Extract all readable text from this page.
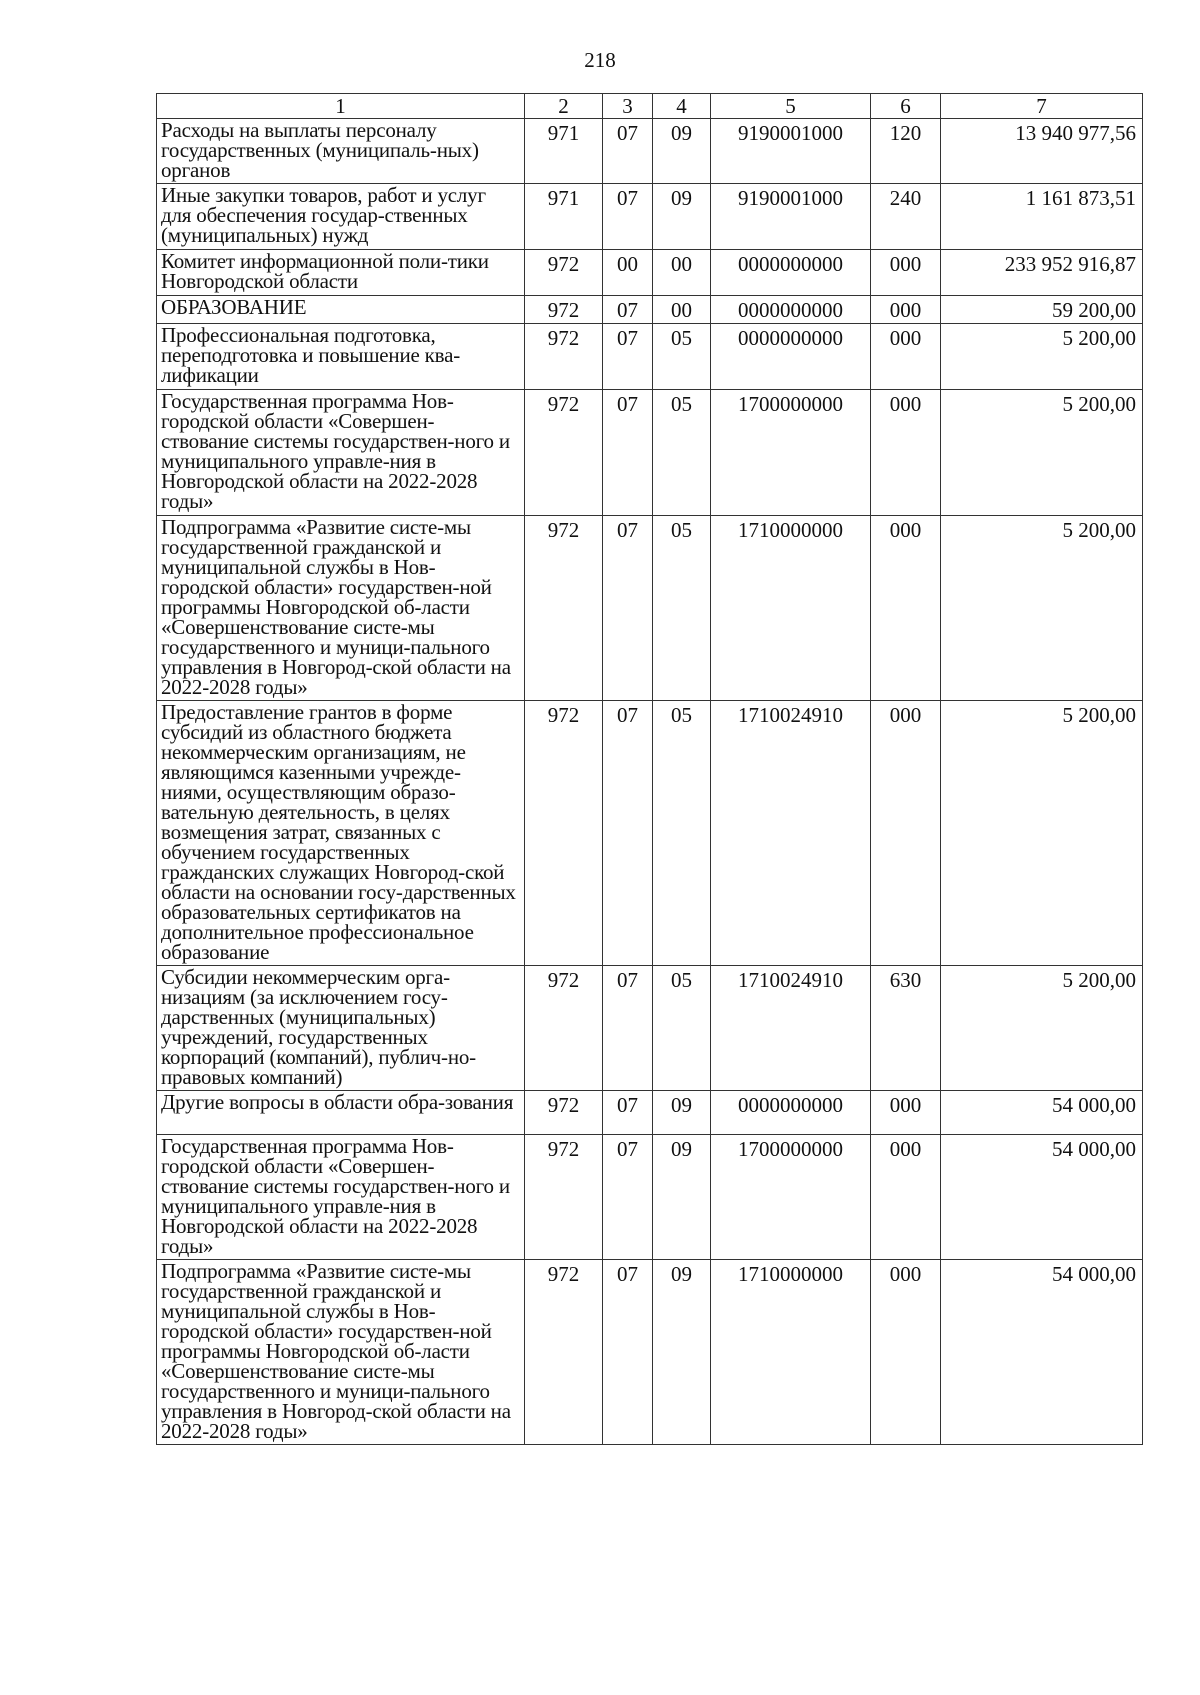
218
1	2	3	4	5	6	7
Расходы на выплаты персоналу государственных (муниципаль-ных) органов	971	07	09	9190001000	120	13 940 977,56
Иные закупки товаров, работ и услуг для обеспечения государ-ственных (муниципальных) нужд	971	07	09	9190001000	240	1 161 873,51
Комитет информационной поли-тики Новгородской области	972	00	00	0000000000	000	233 952 916,87
ОБРАЗОВАНИЕ	972	07	00	0000000000	000	59 200,00
Профессиональная подготовка, переподготовка и повышение ква-лификации	972	07	05	0000000000	000	5 200,00
Государственная программа Нов-городской области «Совершен-ствование системы государствен-ного и муниципального управле-ния в Новгородской области на 2022-2028 годы»	972	07	05	1700000000	000	5 200,00
Подпрограмма «Развитие систе-мы государственной гражданской и муниципальной службы в Нов-городской области» государствен-ной программы Новгородской об-ласти «Совершенствование систе-мы государственного и муници-пального управления в Новгород-ской области на 2022-2028 годы»	972	07	05	1710000000	000	5 200,00
Предоставление грантов в форме субсидий из областного бюджета некоммерческим организациям, не являющимся казенными учрежде-ниями, осуществляющим образо-вательную деятельность, в целях возмещения затрат, связанных с обучением государственных гражданских служащих Новгород-ской области на основании госу-дарственных образовательных сертификатов на дополнительное профессиональное образование	972	07	05	1710024910	000	5 200,00
Субсидии некоммерческим орга-низациям (за исключением госу-дарственных (муниципальных) учреждений, государственных корпораций (компаний), публич-но-правовых компаний)	972	07	05	1710024910	630	5 200,00
Другие вопросы в области обра-зования	972	07	09	0000000000	000	54 000,00
Государственная программа Нов-городской области «Совершен-ствование системы государствен-ного и муниципального управле-ния в Новгородской области на 2022-2028 годы»	972	07	09	1700000000	000	54 000,00
Подпрограмма «Развитие систе-мы государственной гражданской и муниципальной службы в Нов-городской области» государствен-ной программы Новгородской об-ласти «Совершенствование систе-мы государственного и муници-пального управления в Новгород-ской области на 2022-2028 годы»	972	07	09	1710000000	000	54 000,00
